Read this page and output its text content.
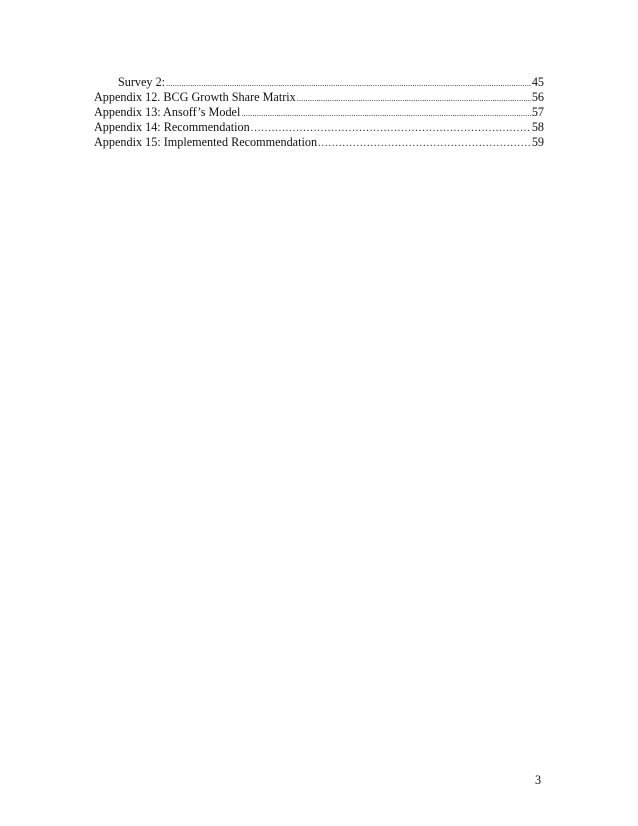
Survey 2: .....	45
Appendix 12. BCG Growth Share Matrix .....	56
Appendix 13: Ansoff’s Model .....	57
Appendix 14: Recommendation .....	58
Appendix 15: Implemented Recommendation .....	59
3
